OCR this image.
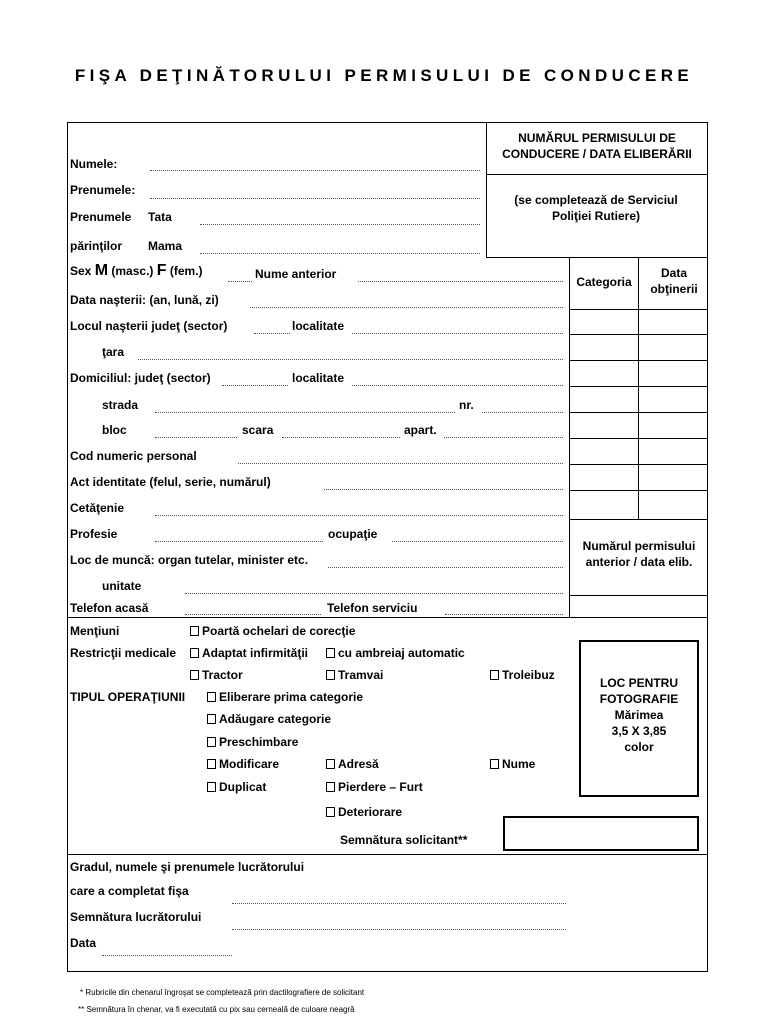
FIŞA DEŢINĂTORULUI PERMISULUI DE CONDUCERE
NUMĂRUL PERMISULUI DE CONDUCERE / DATA ELIBERĂRII
(se completează de Serviciul Poliţiei Rutiere)
Categoria
Data obţinerii
Numărul permisului anterior / data elib.
Numele:
Prenumele:
Prenumele Tata
părinţilor Mama
Sex M (masc.) F (fem.)	Nume anterior
Data naşterii: (an, lună, zi)
Locul naşterii judeţ (sector)	localitate
ţara
Domiciliul: judeţ (sector)	localitate
strada	nr.
bloc	scara	apart.
Cod numeric personal
Act identitate (felul, serie, numărul)
Cetăţenie
Profesie	ocupaţie
Loc de muncă: organ tutelar, minister etc.
unitate
Telefon acasă	Telefon serviciu
Menţiuni	Poartă ochelari de corecţie
Restricţii medicale	Adaptat infirmităţii	cu ambreiaj automatic
Tractor	Tramvai	Troleibuz
TIPUL OPERAŢIUNII	Eliberare prima categorie
Adăugare categorie
Preschimbare
Modificare	Adresă	Nume
Duplicat	Pierdere – Furt
Deteriorare
LOC PENTRU
FOTOGRAFIE
Mărimea
3,5 X 3,85
color
Semnătura solicitant**
Gradul, numele şi prenumele lucrătorului
care a completat fişa
Semnătura lucrătorului
Data
* Rubricile din chenarul îngroşat se completează prin dactilografiere de solicitant
** Semnătura în chenar, va fi executată cu pix sau cerneală de culoare neagră
